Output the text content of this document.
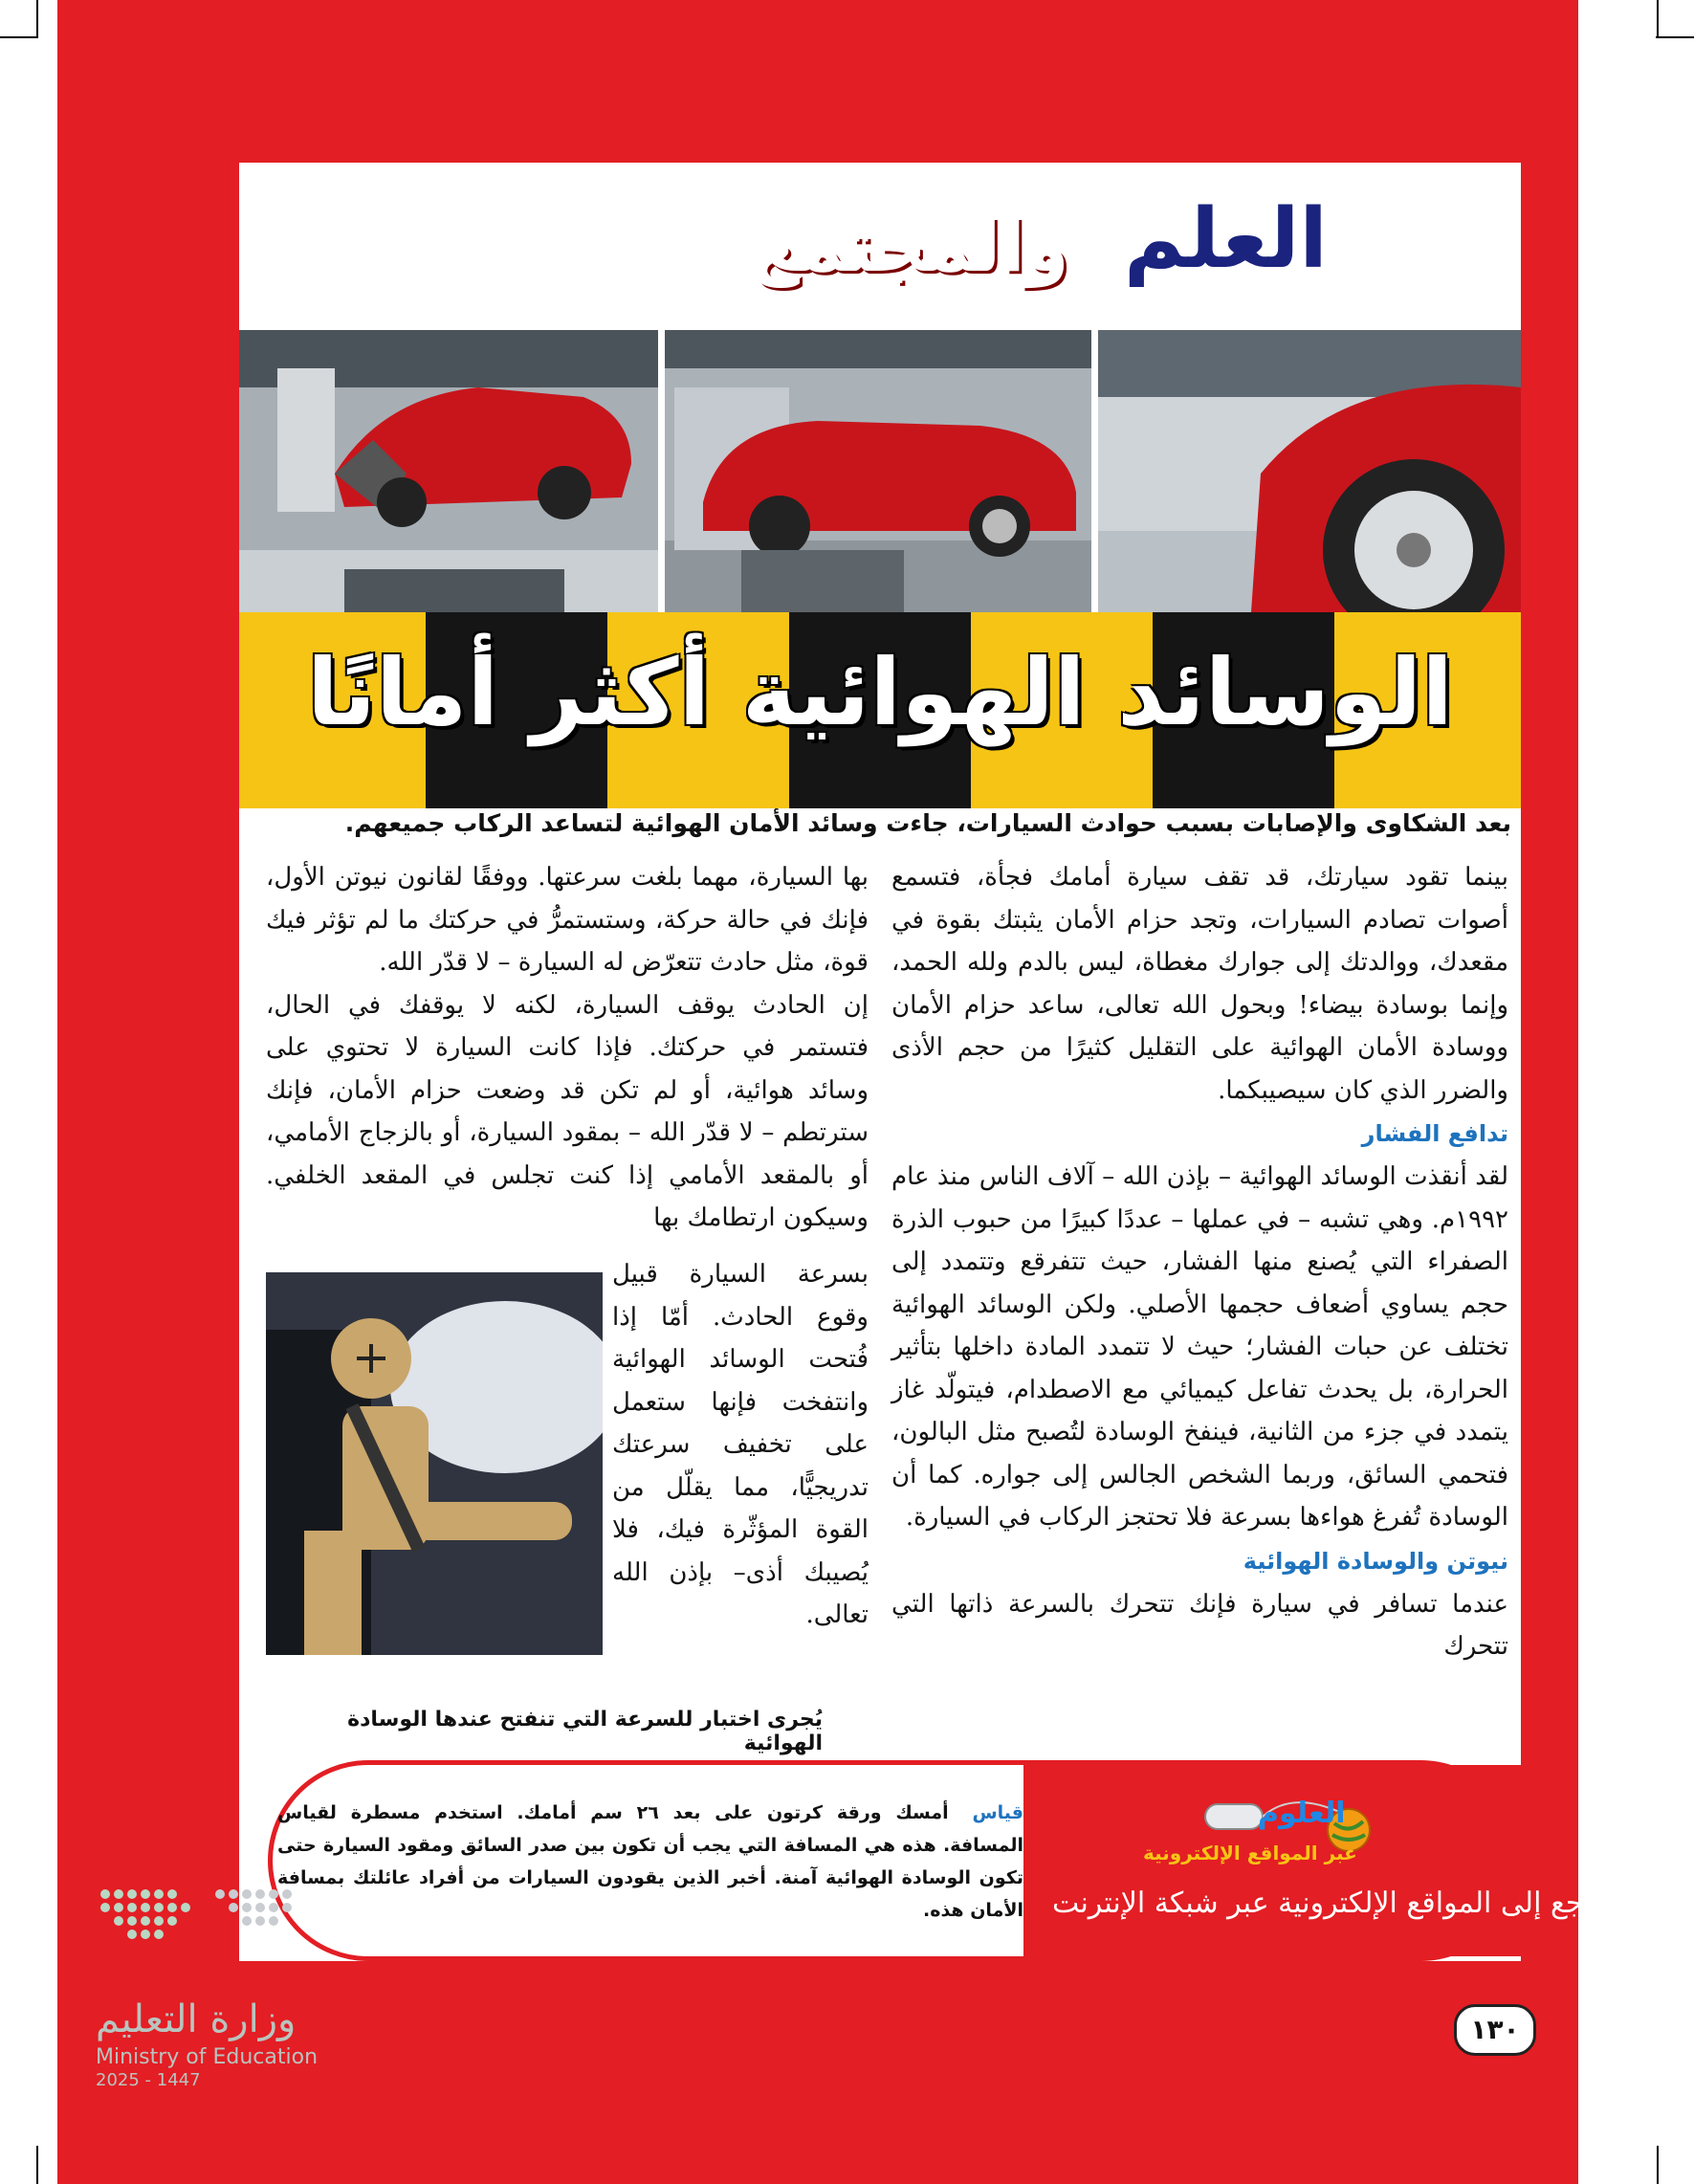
العلم
والمجتمع
الوسائد الهوائية أكثر أمانًا
بعد الشكاوى والإصابات بسبب حوادث السيارات، جاءت وسائد الأمان الهوائية لتساعد الركاب جميعهم.

بينما تقود سيارتك، قد تقف سيارة أمامك فجأة، فتسمع أصوات تصادم السيارات، وتجد حزام الأمان يثبتك بقوة في مقعدك، ووالدتك إلى جوارك مغطاة، ليس بالدم ولله الحمد، وإنما بوسادة بيضاء! وبحول الله تعالى، ساعد حزام الأمان ووسادة الأمان الهوائية على التقليل كثيرًا من حجم الأذى والضرر الذي كان سيصيبكما.

تدافع الفشار

لقد أنقذت الوسائد الهوائية – بإذن الله – آلاف الناس منذ عام ١٩٩٢م. وهي تشبه – في عملها – عددًا كبيرًا من حبوب الذرة الصفراء التي يُصنع منها الفشار، حيث تتفرقع وتتمدد إلى حجم يساوي أضعاف حجمها الأصلي. ولكن الوسائد الهوائية تختلف عن حبات الفشار؛ حيث لا تتمدد المادة داخلها بتأثير الحرارة، بل يحدث تفاعل كيميائي مع الاصطدام، فيتولّد غاز يتمدد في جزء من الثانية، فينفخ الوسادة لتُصبح مثل البالون، فتحمي السائق، وربما الشخص الجالس إلى جواره. كما أن الوسادة تُفرغ هواءها بسرعة فلا تحتجز الركاب في السيارة.

نيوتن والوسادة الهوائية

عندما تسافر في سيارة فإنك تتحرك بالسرعة ذاتها التي تتحرك

بها السيارة، مهما بلغت سرعتها. ووفقًا لقانون نيوتن الأول، فإنك في حالة حركة، وستستمرُّ في حركتك ما لم تؤثر فيك قوة، مثل حادث تتعرّض له السيارة – لا قدّر الله.

إن الحادث يوقف السيارة، لكنه لا يوقفك في الحال، فتستمر في حركتك. فإذا كانت السيارة لا تحتوي على وسائد هوائية، أو لم تكن قد وضعت حزام الأمان، فإنك سترتطم – لا قدّر الله – بمقود السيارة، أو بالزجاج الأمامي، أو بالمقعد الأمامي إذا كنت تجلس في المقعد الخلفي. وسيكون ارتطامك بها

بسرعة السيارة قبيل وقوع الحادث. أمّا إذا فُتحت الوسائد الهوائية وانتفخت فإنها ستعمل على تخفيف سرعتك تدريجيًّا، مما يقلّل من القوة المؤثّرة فيك، فلا يُصيبك أذى– بإذن الله تعالى.

يُجرى اختبار للسرعة التي تنفتح عندها الوسادة الهوائية
العلوم
عبر المواقع الإلكترونية
ارجع إلى المواقع الإلكترونية عبر شبكة الإنترنت
قياس أمسك ورقة كرتون على بعد ٢٦ سم أمامك. استخدم مسطرة لقياس المسافة. هذه هي المسافة التي يجب أن تكون بين صدر السائق ومقود السيارة حتى تكون الوسادة الهوائية آمنة. أخبر الذين يقودون السيارات من أفراد عائلتك بمسافة الأمان هذه.
١٣٠
وزارة التعليم
Ministry of Education
2025 - 1447
